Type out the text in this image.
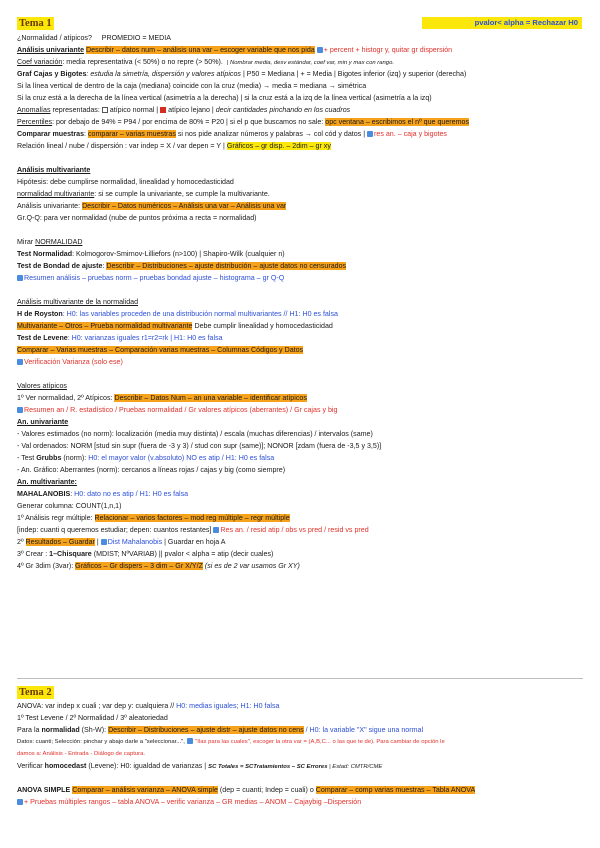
Tema 1	pvalor< alpha = Rechazar H0
¿Normalidad / atípicos? PROMEDIO = MEDIA
Análisis univariante Describir – datos num – análisis una var – escoger variable que nos pida + percent + histogr y, quitar gr dispersión
Coef variación: media representativa (< 50%) o no repre (> 50%). | Nombrar media, desv estándar, coef var, min y max con rango.
Graf Cajas y Bigotes: estudia la simetría, dispersión y valores atípicos | P50 = Mediana | + = Media | Bigotes inferior (izq) y superior (derecha)
Si la línea vertical de dentro de la caja (mediana) coincide con la cruz (media) → media = mediana → simétrica
Si la cruz está a la derecha de la línea vertical (asimetría a la derecha) | si la cruz está a la izq de la línea vertical (asimetría a la izq)
Anomalías representadas: atípico normal | atípico lejano | decir cantidades pinchando en los cuadros
Percentiles: por debajo de 94% = P94 / por encima de 80% = P20 | si el p que buscamos no sale: opc ventana – escribimos el nº que queremos
Comparar muestras: comparar – varias muestras si nos pide analizar números y palabras → col cód y datos | res an. – caja y bigotes
Relación lineal / nube / dispersión : var indep = X / var depen = Y | Gráficos – gr disp. – 2dim – gr xy
Análisis multivariante
Hipótesis: debe cumplirse normalidad, linealidad y homocedasticidad
normalidad multivariante: si se cumple la univariante, se cumple la multivariante.
Análisis univariante: Describir – Datos numéricos – Análisis una var – Análisis una var
Gr.Q-Q: para ver normalidad (nube de puntos próxima a recta = normalidad)
Mirar NORMALIDAD
Test Normalidad: Kolmogorov-Smirnov-Lilliefors (n>100) | Shapiro-Wilk (cualquier n)
Test de Bondad de ajuste: Describir – Distribuciones – ajuste distribución – ajuste datos no censurados
Resumen análisis – pruebas norm – pruebas bondad ajuste – histograma – gr Q-Q
Análisis multivariante de la normalidad
H de Royston: H0: las variables proceden de una distribución normal multivariantes // H1: H0 es falsa
Multivariante – Otros – Prueba normalidad multivariante Debe cumplir linealidad y homocedasticidad
Test de Levene: H0: varianzas iguales r1=r2=rk | H1: H0 es falsa
Comparar – Varias muestras – Comparación varias muestras – Columnas Códigos y Datos
Verificación Varianza (solo ese)
Valores atípicos
1º Ver normalidad, 2º Atípicos: Describir – Datos Num – an una variable – identificar atípicos
Resumen an / R. estadístico / Pruebas normalidad / Gr valores atípicos (aberrantes) / Gr cajas y big
An. univariante
- Valores estimados (no norm): localización (media muy distinta) / escala (muchas diferencias) / intervalos (same)
- Val ordenados: NORM [stud sin supr (fuera de -3 y 3) / stud con supr (same)]; NONOR [zdam (fuera de -3,5 y 3,5)]
- Test Grubbs (norm): H0: el mayor valor (v.absoluto) NO es atip / H1: H0 es falsa
- An. Gráfico: Aberrantes (norm): cercanos a líneas rojas / cajas y big (como siempre)
An. multivariante:
MAHALANOBIS: H0: dato no es atip / H1: H0 es falsa
Generar columna: COUNT(1,n,1)
1º Análisis regr múltiple: Relacionar – varios factores – mod reg múltiple – regr múltiple
[indep: cuanti q queremos estudiar; depen: cuantos restantes] Res an. / resid atip / obs vs pred / resid vs pred
2º Resultados – Guardar | Dist Mahalanobis | Guardar en hoja A
3º Crear : 1–Chisquare (MDIST; NºVARIAB) || pvalor < alpha = atip (decir cuales)
4º Gr 3dim (3var): Gráficos – Gr dispers – 3 dim – Gr X/Y/Z (si es de 2 var usamos Gr XY)
Tema 2
ANOVA: var indep x cuali ; var dep y: cualquiera // H0: medias iguales; H1: H0 falsa
1º Test Levene / 2º Normalidad / 3º aleatoriedad
Para la normalidad (Sh-W): Describir – Distribuciones – ajuste distr – ajuste datos no cens / H0: la variable "X" sigue una normal
Datos: cuanti; Selección: pinchar y abajo darle a "seleccionar...",  "Ilas para las cuales", escoger la otra var = (A,B,C... o las que te de). Para cambiar de opción le
damos a: Análisis - Entrada - Diálogo de captura.
Verificar homocedast (Levene): H0: igualdad de varianzas | SC Totales = SCTratamientos – SC Errores | Estad: CMTR/CME
ANOVA SIMPLE Comparar – análisis varianza – ANOVA simple (dep = cuanti; Indep = cuali) o Comparar – comp varias muestras – Tabla ANOVA
+ Pruebas múltiples rangos – tabla ANOVA – verific varianza – GR medias – ANOM – Cajaybig –Dispersión
